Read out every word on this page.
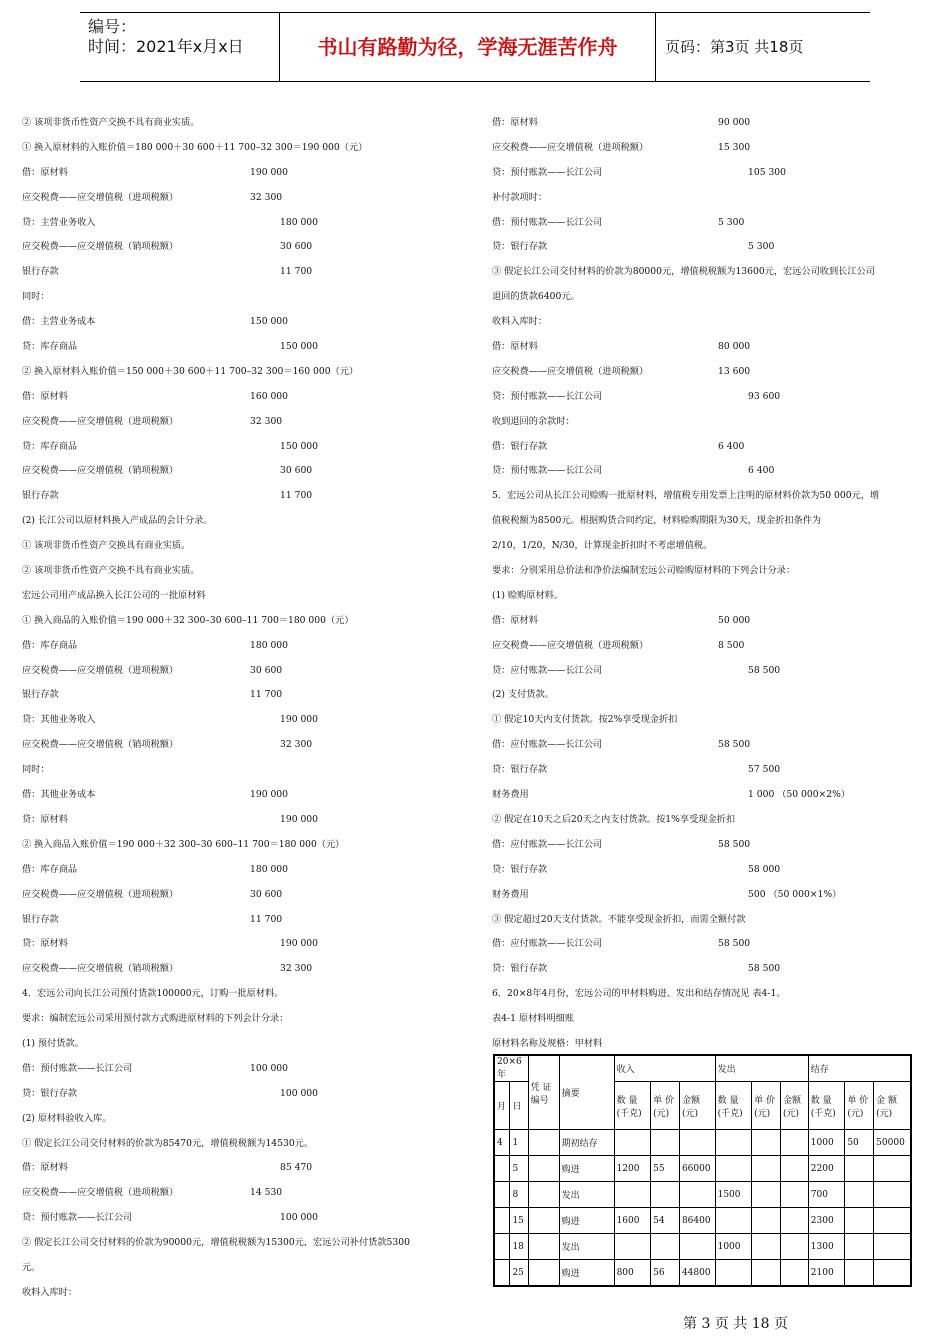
编号：
时间：2021年x月x日	书山有路勤为径，学海无涯苦作舟	页码：第3页 共18页
② 该项非货币性资产交换不具有商业实质。
① 换入原材料的入账价值＝180 000＋30 600＋11 700–32 300＝190 000（元）
借：原材料	190 000
应交税费——应交增值税（进项税额）	32 300
贷：主营业务收入	180 000
应交税费——应交增值税（销项税额）	30 600
银行存款	11 700
同时：
借：主营业务成本	150 000
贷：库存商品	150 000
② 换入原材料入账价值＝150 000＋30 600＋11 700–32 300＝160 000（元）
借：原材料	160 000
应交税费——应交增值税（进项税额）	32 300
贷：库存商品	150 000
应交税费——应交增值税（销项税额）	30 600
银行存款	11 700
(2) 长江公司以原材料换入产成品的会计分录。
① 该项非货币性资产交换具有商业实质。
② 该项非货币性资产交换不具有商业实质。
宏远公司用产成品换入长江公司的一批原材料
① 换入商品的入账价值＝190 000＋32 300–30 600–11 700＝180 000（元）
借：库存商品	180 000
应交税费——应交增值税（进项税额）	30 600
银行存款	11 700
贷：其他业务收入	190 000
应交税费——应交增值税（销项税额）	32 300
同时：
借：其他业务成本	190 000
贷：原材料	190 000
② 换入商品入账价值＝190 000＋32 300–30 600–11 700＝180 000（元）
借：库存商品	180 000
应交税费——应交增值税（进项税额）	30 600
银行存款	11 700
贷：原材料	190 000
应交税费——应交增值税（销项税额）	32 300
4．宏远公司向长江公司预付货款100000元，订购一批原材料。
要求：编制宏远公司采用预付款方式购进原材料的下列会计分录：
(1) 预付货款。
借：预付账款——长江公司	100 000
贷：银行存款	100 000
(2) 原材料验收入库。
① 假定长江公司交付材料的价款为85470元，增值税税额为14530元。
借：原材料	85 470
应交税费——应交增值税（进项税额）	14 530
贷：预付账款——长江公司	100 000
② 假定长江公司交付材料的价款为90000元，增值税税额为15300元，宏远公司补付货款5300
元。
收料入库时：
借：原材料	90 000
应交税费——应交增值税（进项税额）	15 300
贷：预付账款——长江公司	105 300
补付款项时：
借：预付账款——长江公司	5 300
贷：银行存款	5 300
③ 假定长江公司交付材料的价款为80000元，增值税税额为13600元，宏远公司收到长江公司
退回的货款6400元。
收料入库时：
借：原材料	80 000
应交税费——应交增值税（进项税额）	13 600
贷：预付账款——长江公司	93 600
收到退回的余款时：
借：银行存款	6 400
贷：预付账款——长江公司	6 400
5．宏远公司从长江公司赊购一批原材料，增值税专用发票上注明的原材料价款为50 000元，增
值税税额为8500元。根据购货合同约定，材料赊购期限为30天，现金折扣条件为
2/10，1/20，N/30，计算现金折扣时不考虑增值税。
要求：分别采用总价法和净价法编制宏远公司赊购原材料的下列会计分录：
(1) 赊购原材料。
借：原材料	50 000
应交税费——应交增值税（进项税额）	8 500
贷：应付账款——长江公司	58 500
(2) 支付货款。
① 假定10天内支付货款。按2%享受现金折扣
借：应付账款——长江公司	58 500
贷：银行存款	57 500
财务费用	1 000 （50 000×2%）
② 假定在10天之后20天之内支付货款。按1%享受现金折扣
借：应付账款——长江公司	58 500
贷：银行存款	58 000
财务费用	500 （50 000×1%）
③ 假定超过20天支付货款。不能享受现金折扣，而需全额付款
借：应付账款——长江公司	58 500
贷：银行存款	58 500
6．20×8年4月份，宏远公司的甲材料购进、发出和结存情况见 表4-1。
表4-1 原材料明细账
原材料名称及规格：甲材料
20×6年		凭 证编号	摘要	收入			发出			结存		
月	日			数 量(千克)	单 价(元)	金额(元)	数 量(千克)	单 价(元)	金额(元)	数 量(千克)	单 价(元)	金 额(元)
4	1		期初结存							1000	50	50000
	5		购进	1200	55	66000				2200		
	8		发出				1500			700		
	15		购进	1600	54	86400				2300		
	18		发出				1000			1300		
	25		购进	800	56	44800				2100		
第 3 页 共 18 页
